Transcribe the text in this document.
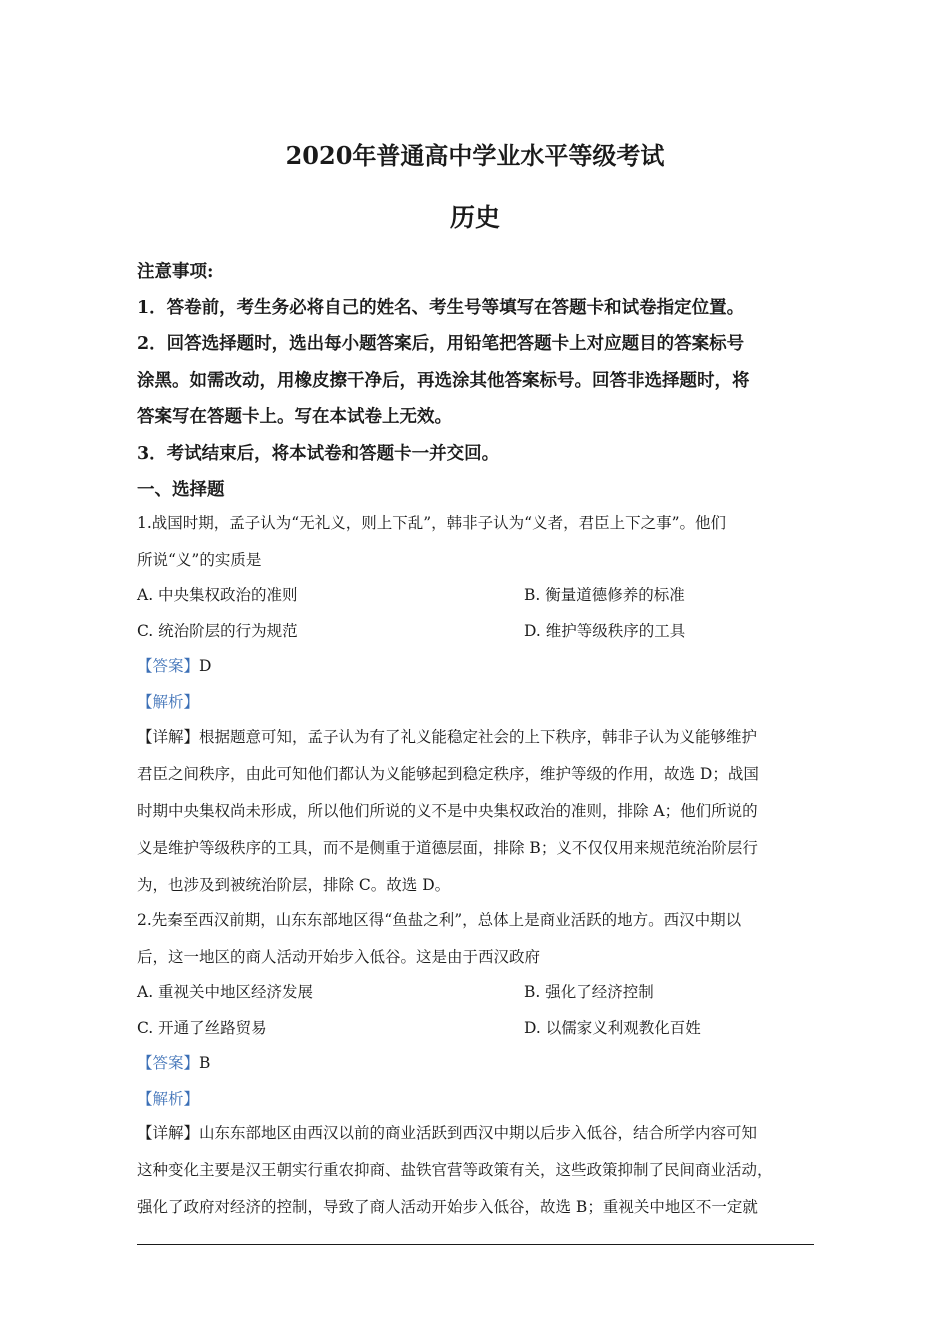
2020年普通高中学业水平等级考试
历史
注意事项:
1．答卷前，考生务必将自己的姓名、考生号等填写在答题卡和试卷指定位置。
2．回答选择题时，选出每小题答案后，用铅笔把答题卡上对应题目的答案标号
涂黑。如需改动，用橡皮擦干净后，再选涂其他答案标号。回答非选择题时，将
答案写在答题卡上。写在本试卷上无效。
3．考试结束后，将本试卷和答题卡一并交回。
一、选择题
1.战国时期，孟子认为“无礼义，则上下乱”，韩非子认为“义者，君臣上下之事”。他们
所说“义”的实质是
A. 中央集权政治的准则	B. 衡量道德修养的标准
C. 统治阶层的行为规范	D. 维护等级秩序的工具
【答案】D
【解析】
【详解】根据题意可知，孟子认为有了礼义能稳定社会的上下秩序，韩非子认为义能够维护
君臣之间秩序，由此可知他们都认为义能够起到稳定秩序，维护等级的作用，故选 D；战国
时期中央集权尚未形成，所以他们所说的义不是中央集权政治的准则，排除 A；他们所说的
义是维护等级秩序的工具，而不是侧重于道德层面，排除 B；义不仅仅用来规范统治阶层行
为，也涉及到被统治阶层，排除 C。故选 D。
2.先秦至西汉前期，山东东部地区得“鱼盐之利”，总体上是商业活跃的地方。西汉中期以
后，这一地区的商人活动开始步入低谷。这是由于西汉政府
A. 重视关中地区经济发展	B. 强化了经济控制
C. 开通了丝路贸易	D. 以儒家义利观教化百姓
【答案】B
【解析】
【详解】山东东部地区由西汉以前的商业活跃到西汉中期以后步入低谷，结合所学内容可知
这种变化主要是汉王朝实行重农抑商、盐铁官营等政策有关，这些政策抑制了民间商业活动，
强化了政府对经济的控制，导致了商人活动开始步入低谷，故选 B；重视关中地区不一定就
